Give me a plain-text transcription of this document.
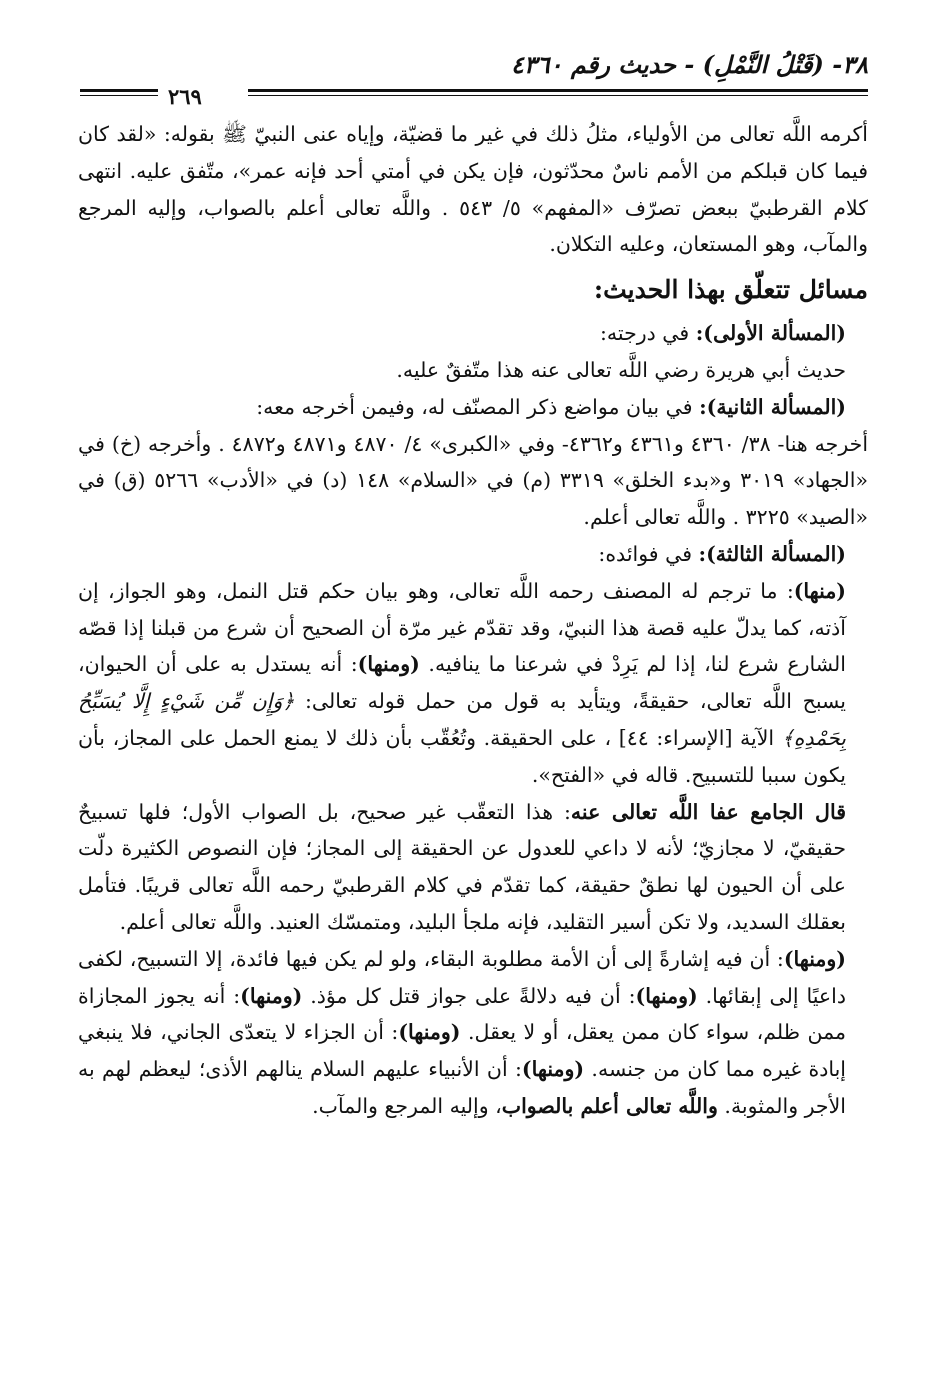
٣٨- (قَتْلُ النَّمْلِ) - حديث رقم ٤٣٦٠
٢٦٩

أكرمه اللَّه تعالى من الأولياء، مثلُ ذلك في غير ما قضيّة، وإياه عنى النبيّ ﷺ بقوله: «لقد كان فيما كان قبلكم من الأمم ناسٌ محدّثون، فإن يكن في أمتي أحد فإنه عمر»، متّفق عليه. انتهى كلام القرطبيّ ببعض تصرّف «المفهم» ٥/ ٥٤٣ . واللَّه تعالى أعلم بالصواب، وإليه المرجع والمآب، وهو المستعان، وعليه التكلان.

مسائل تتعلّق بهذا الحديث:

(المسألة الأولى): في درجته:

حديث أبي هريرة رضي اللَّه تعالى عنه هذا متّفقٌ عليه.

(المسألة الثانية): في بيان مواضع ذكر المصنّف له، وفيمن أخرجه معه:

أخرجه هنا- ٣٨/ ٤٣٦٠ و٤٣٦١ و٤٣٦٢- وفي «الكبرى» ٤/ ٤٨٧٠ و٤٨٧١ و٤٨٧٢ . وأخرجه (خ) في «الجهاد» ٣٠١٩ و«بدء الخلق» ٣٣١٩ (م) في «السلام» ١٤٨ (د) في «الأدب» ٥٢٦٦ (ق) في «الصيد» ٣٢٢٥ . واللَّه تعالى أعلم.

(المسألة الثالثة): في فوائده:

(منها): ما ترجم له المصنف رحمه اللَّه تعالى، وهو بيان حكم قتل النمل، وهو الجواز، إن آذته، كما يدلّ عليه قصة هذا النبيّ، وقد تقدّم غير مرّة أن الصحيح أن شرع من قبلنا إذا قصّه الشارع شرع لنا، إذا لم يَرِدْ في شرعنا ما ينافيه. (ومنها): أنه يستدل به على أن الحيوان، يسبح اللَّه تعالى، حقيقةً، ويتأيد به قول من حمل قوله تعالى: ﴿وَإِن مِّن شَيْءٍ إِلَّا يُسَبِّحُ بِحَمْدِهِ﴾ الآية [الإسراء: ٤٤] ، على الحقيقة. وتُعُقّب بأن ذلك لا يمنع الحمل على المجاز، بأن يكون سببا للتسبيح. قاله في «الفتح».

قال الجامع عفا اللَّه تعالى عنه: هذا التعقّب غير صحيح، بل الصواب الأول؛ فلها تسبيحٌ حقيقيّ، لا مجازيّ؛ لأنه لا داعي للعدول عن الحقيقة إلى المجاز؛ فإن النصوص الكثيرة دلّت على أن الحيون لها نطقٌ حقيقة، كما تقدّم في كلام القرطبيّ رحمه اللَّه تعالى قريبًا. فتأمل بعقلك السديد، ولا تكن أسير التقليد، فإنه ملجأ البليد، ومتمسّك العنيد. واللَّه تعالى أعلم.

(ومنها): أن فيه إشارةً إلى أن الأمة مطلوبة البقاء، ولو لم يكن فيها فائدة، إلا التسبيح، لكفى داعيًا إلى إبقائها. (ومنها): أن فيه دلالةً على جواز قتل كل مؤذ. (ومنها): أنه يجوز المجازاة ممن ظلم، سواء كان ممن يعقل، أو لا يعقل. (ومنها): أن الجزاء لا يتعدّى الجاني، فلا ينبغي إبادة غيره مما كان من جنسه. (ومنها): أن الأنبياء عليهم السلام ينالهم الأذى؛ ليعظم لهم به الأجر والمثوبة. واللَّه تعالى أعلم بالصواب، وإليه المرجع والمآب.
